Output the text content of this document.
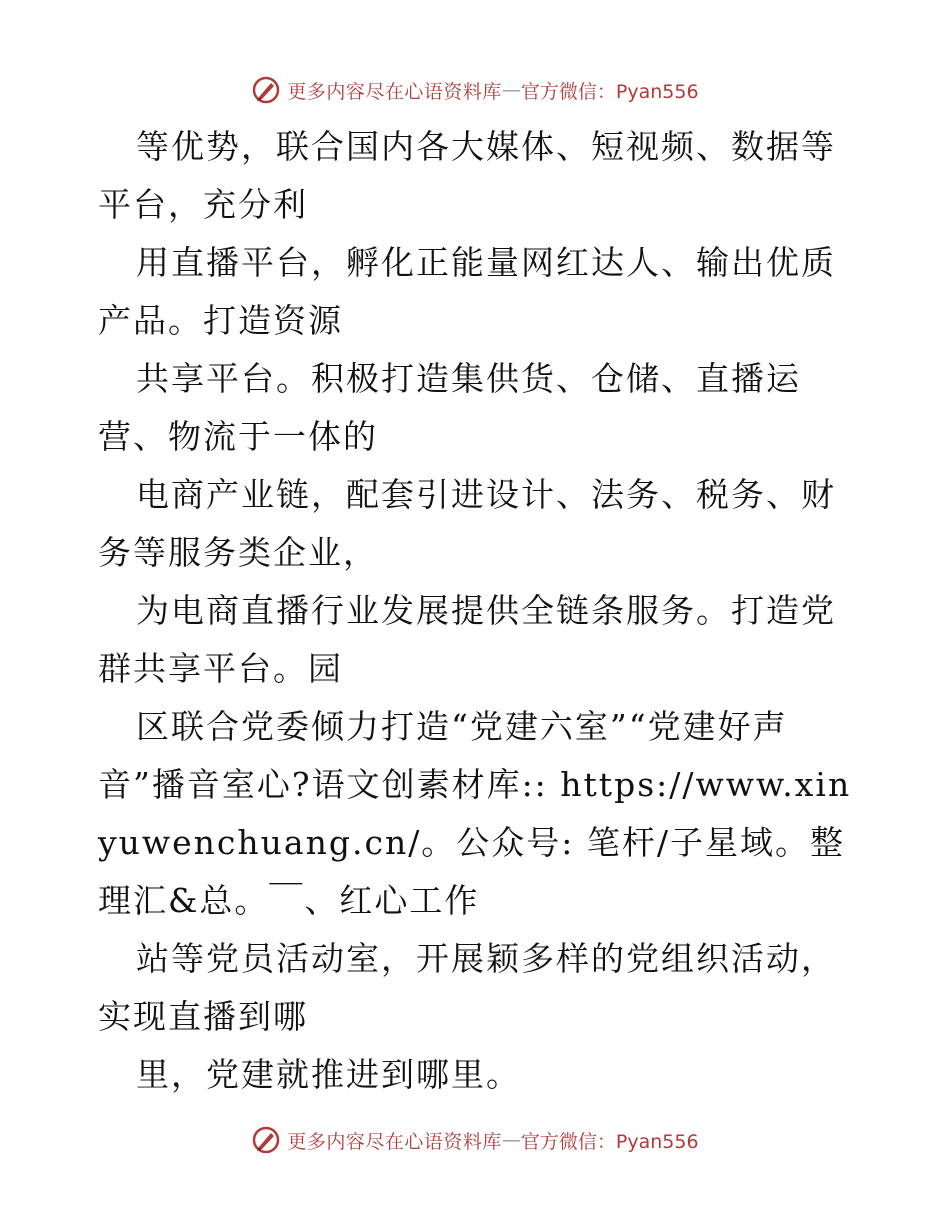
更多内容尽在心语资料库 — 官方微信：Pyan556

等优势，联合国内各大媒体、短视频、数据等平台，充分利

用直播平台，孵化正能量网红达人、输出优质产品。打造资源

共享平台。积极打造集供货、仓储、直播运营、物流于一体的

电商产业链，配套引进设计、法务、税务、财务等服务类企业，

为电商直播行业发展提供全链条服务。打造党群共享平台。园

区联合党委倾力打造“党建六室”“党建好声音”播音室心?语文创素材库:: https://www.xinyuwenchuang.cn/。公众号: 笔杆/子星域。整理汇&总。￣、红心工作

站等党员活动室，开展颖多样的党组织活动，实现直播到哪

里，党建就推进到哪里。

更多内容尽在心语资料库 — 官方微信：Pyan556
